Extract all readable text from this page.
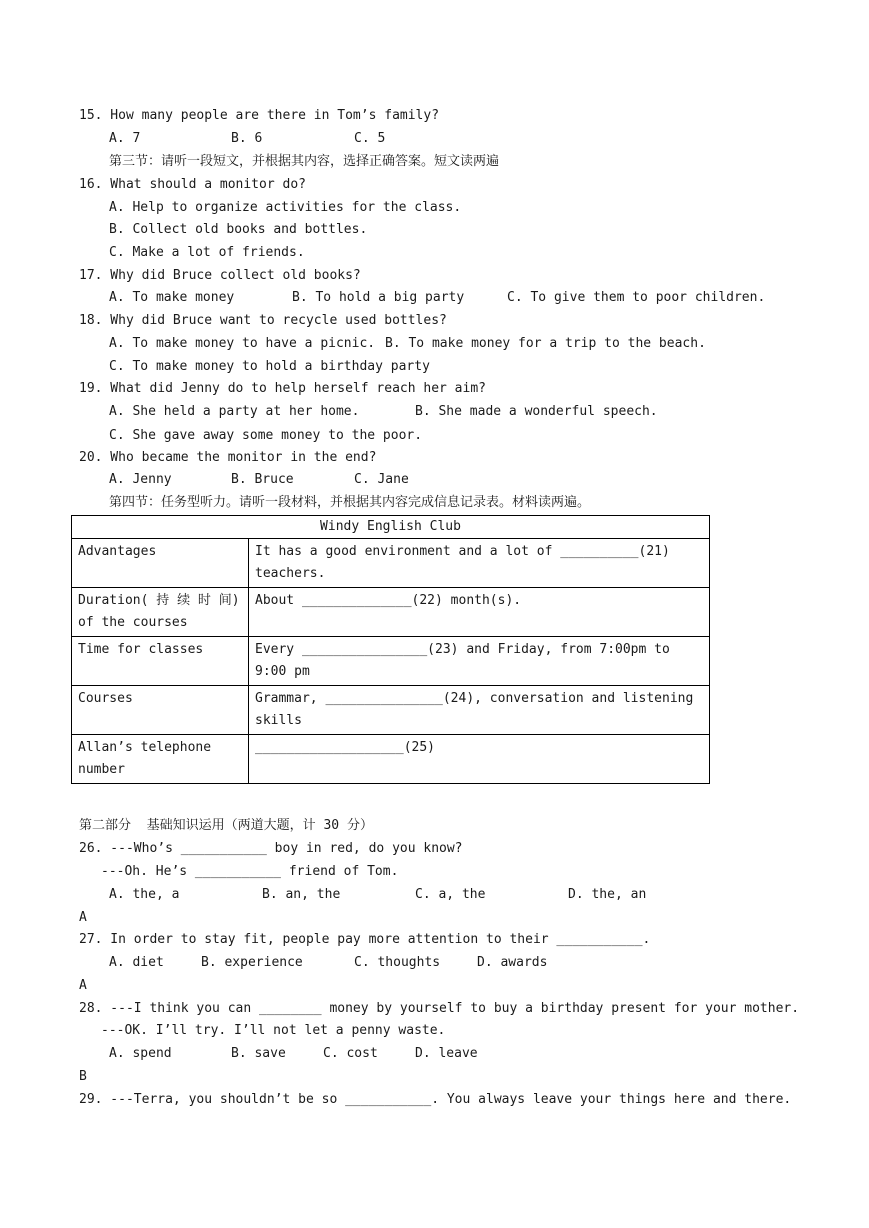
15. How many people are there in Tom’s family?
A. 7	B. 6	C. 5
第三节：请听一段短文，并根据其内容，选择正确答案。短文读两遍
16. What should a monitor do?
A. Help to organize activities for the class.
B. Collect old books and bottles.
C. Make a lot of friends.
17. Why did Bruce collect old books?
A. To make money	B. To hold a big party	C. To give them to poor children.
18. Why did Bruce want to recycle used bottles?
A. To make money to have a picnic. B. To make money for a trip to the beach.
C. To make money to hold a birthday party
19. What did Jenny do to help herself reach her aim?
A. She held a party at her home.	B. She made a wonderful speech.
C. She gave away some money to the poor.
20. Who became the monitor in the end?
A. Jenny	B. Bruce	C. Jane
第四节：任务型听力。请听一段材料，并根据其内容完成信息记录表。材料读两遍。
Windy English Club	
Advantages	It has a good environment and a lot of __________(21) teachers.
Duration( 持 续 时 间) of the courses	About ______________(22) month(s).
Time for classes	Every ________________(23) and Friday, from 7:00pm to 9:00 pm
Courses	Grammar, _______________(24), conversation and listening skills
Allan’s telephone number	___________________(25)
第二部分  基础知识运用（两道大题，计 30 分）
26. ---Who’s ___________ boy in red, do you know?
---Oh. He’s ___________ friend of Tom.
A. the, a	B. an, the	C. a, the	D. the, an
A
27. In order to stay fit, people pay more attention to their ___________.
A. diet	B. experience	C. thoughts	D. awards
A
28. ---I think you can ________ money by yourself to buy a birthday present for your mother.
---OK. I’ll try. I’ll not let a penny waste.
A. spend	B. save	C. cost	D. leave
B
29. ---Terra, you shouldn’t be so ___________. You always leave your things here and there.
